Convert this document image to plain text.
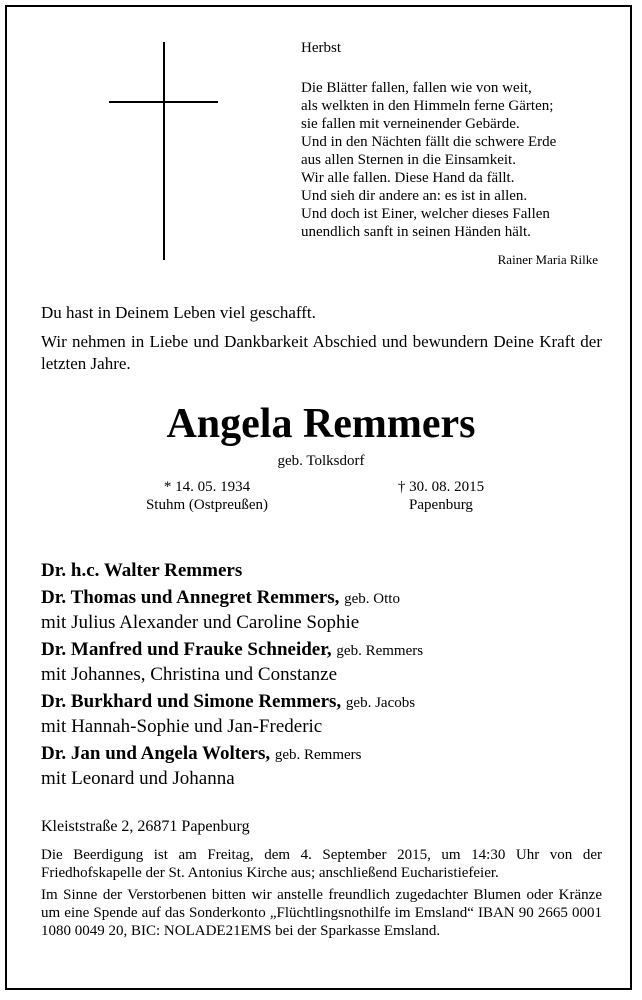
Herbst
Die Blätter fallen, fallen wie von weit,
als welkten in den Himmeln ferne Gärten;
sie fallen mit verneinender Gebärde.
Und in den Nächten fällt die schwere Erde
aus allen Sternen in die Einsamkeit.
Wir alle fallen. Diese Hand da fällt.
Und sieh dir andere an: es ist in allen.
Und doch ist Einer, welcher dieses Fallen
unendlich sanft in seinen Händen hält.
Rainer Maria Rilke
Du hast in Deinem Leben viel geschafft.
Wir nehmen in Liebe und Dankbarkeit Abschied und bewundern Deine Kraft der letzten Jahre.
Angela Remmers
geb. Tolksdorf
* 14. 05. 1934
Stuhm (Ostpreußen)
† 30. 08. 2015
Papenburg
Dr. h.c. Walter Remmers
Dr. Thomas und Annegret Remmers, geb. Otto
mit Julius Alexander und Caroline Sophie
Dr. Manfred und Frauke Schneider, geb. Remmers
mit Johannes, Christina und Constanze
Dr. Burkhard und Simone Remmers, geb. Jacobs
mit Hannah-Sophie und Jan-Frederic
Dr. Jan und Angela Wolters, geb. Remmers
mit Leonard und Johanna
Kleiststraße 2, 26871 Papenburg
Die Beerdigung ist am Freitag, dem 4. September 2015, um 14:30 Uhr von der Friedhofskapelle der St. Antonius Kirche aus; anschließend Eucharistiefeier.
Im Sinne der Verstorbenen bitten wir anstelle freundlich zugedachter Blumen oder Kränze um eine Spende auf das Sonderkonto „Flüchtlingsnothilfe im Emsland“ IBAN 90 2665 0001 1080 0049 20, BIC: NOLADE21EMS bei der Sparkasse Emsland.
